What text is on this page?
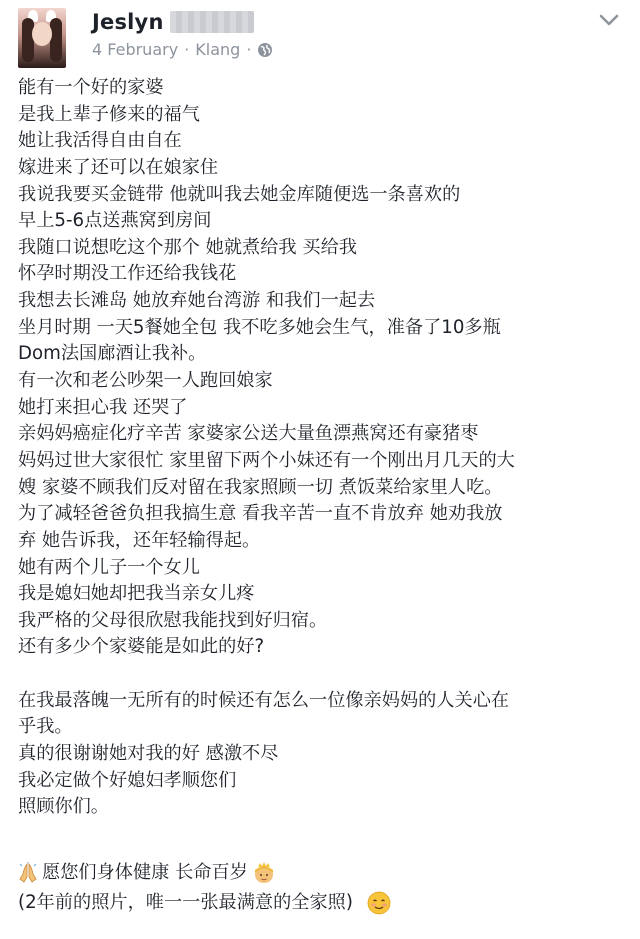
Jeslyn
4 February · Klang ·
能有一个好的家婆
是我上辈子修来的福气
她让我活得自由自在
嫁进来了还可以在娘家住
我说我要买金链带 他就叫我去她金库随便选一条喜欢的
早上5-6点送燕窝到房间
我随口说想吃这个那个 她就煮给我 买给我
怀孕时期没工作还给我钱花
我想去长滩岛 她放弃她台湾游 和我们一起去
坐月时期 一天5餐她全包 我不吃多她会生气，准备了10多瓶
Dom法国廊酒让我补。
有一次和老公吵架一人跑回娘家
她打来担心我 还哭了
亲妈妈癌症化疗辛苦 家婆家公送大量鱼漂燕窝还有豪猪枣
妈妈过世大家很忙 家里留下两个小妹还有一个刚出月几天的大
嫂 家婆不顾我们反对留在我家照顾一切 煮饭菜给家里人吃。
为了减轻爸爸负担我搞生意 看我辛苦一直不肯放弃 她劝我放
弃 她告诉我，还年轻输得起。
她有两个儿子一个女儿
我是媳妇她却把我当亲女儿疼
我严格的父母很欣慰我能找到好归宿。
还有多少个家婆能是如此的好?
在我最落魄一无所有的时候还有怎么一位像亲妈妈的人关心在
乎我。
真的很谢谢她对我的好 感激不尽
我必定做个好媳妇孝顺您们
照顾你们。
愿您们身体健康 长命百岁
(2年前的照片，唯一一张最满意的全家照)
